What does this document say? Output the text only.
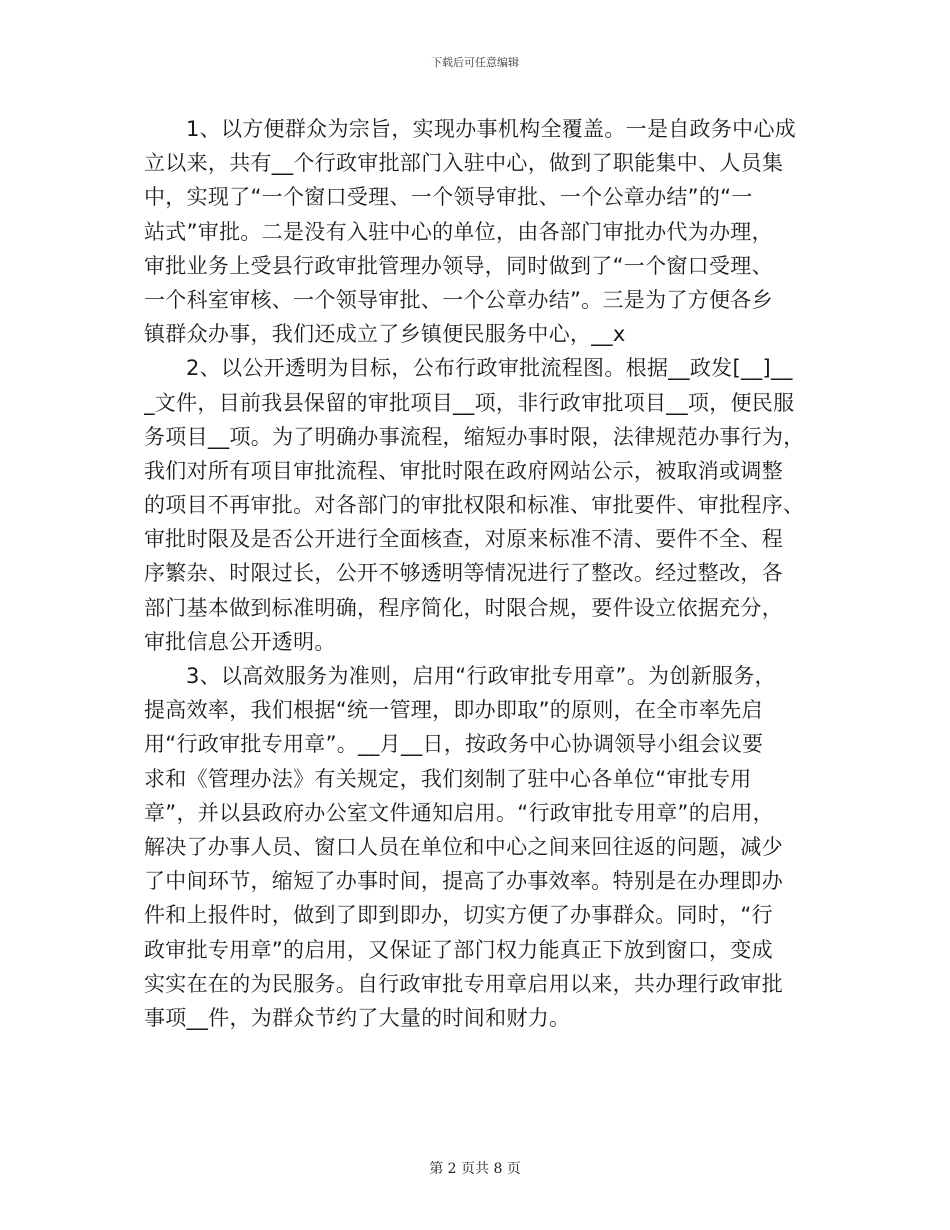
下载后可任意编辑
1、以方便群众为宗旨，实现办事机构全覆盖。一是自政务中心成
立以来，共有__个行政审批部门入驻中心，做到了职能集中、人员集
中，实现了“一个窗口受理、一个领导审批、一个公章办结”的“一
站式”审批。二是没有入驻中心的单位，由各部门审批办代为办理，
审批业务上受县行政审批管理办领导，同时做到了“一个窗口受理、
一个科室审核、一个领导审批、一个公章办结”。三是为了方便各乡
镇群众办事，我们还成立了乡镇便民服务中心，__x
2、以公开透明为目标，公布行政审批流程图。根据__政发[__]__
_文件，目前我县保留的审批项目__项，非行政审批项目__项，便民服
务项目__项。为了明确办事流程，缩短办事时限，法律规范办事行为，
我们对所有项目审批流程、审批时限在政府网站公示，被取消或调整
的项目不再审批。对各部门的审批权限和标准、审批要件、审批程序、
审批时限及是否公开进行全面核查，对原来标准不清、要件不全、程
序繁杂、时限过长，公开不够透明等情况进行了整改。经过整改，各
部门基本做到标准明确，程序简化，时限合规，要件设立依据充分，
审批信息公开透明。
3、以高效服务为准则，启用“行政审批专用章”。为创新服务，
提高效率，我们根据“统一管理，即办即取”的原则，在全市率先启
用“行政审批专用章”。__月__日，按政务中心协调领导小组会议要
求和《管理办法》有关规定，我们刻制了驻中心各单位“审批专用
章”，并以县政府办公室文件通知启用。“行政审批专用章”的启用，
解决了办事人员、窗口人员在单位和中心之间来回往返的问题，减少
了中间环节，缩短了办事时间，提高了办事效率。特别是在办理即办
件和上报件时，做到了即到即办，切实方便了办事群众。同时，“行
政审批专用章”的启用，又保证了部门权力能真正下放到窗口，变成
实实在在的为民服务。自行政审批专用章启用以来，共办理行政审批
事项__件，为群众节约了大量的时间和财力。
第 2 页共 8 页
